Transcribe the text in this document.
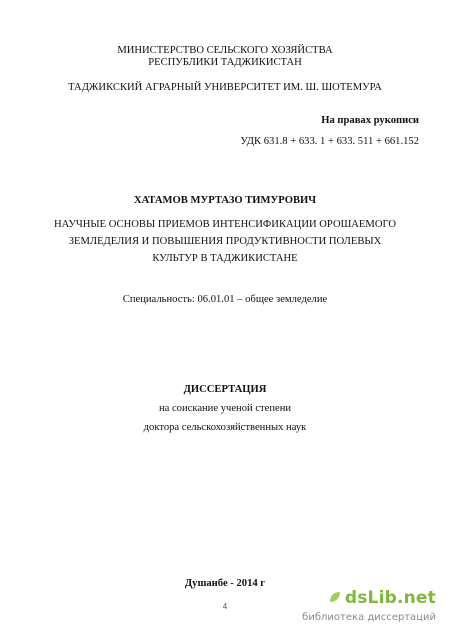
МИНИСТЕРСТВО СЕЛЬСКОГО ХОЗЯЙСТВА
РЕСПУБЛИКИ ТАДЖИКИСТАН
ТАДЖИКСКИЙ АГРАРНЫЙ УНИВЕРСИТЕТ ИМ. Ш. ШОТЕМУРА
На правах рукописи
УДК 631.8 + 633. 1 + 633. 511 + 661.152
ХАТАМОВ МУРТАЗО ТИМУРОВИЧ
НАУЧНЫЕ ОСНОВЫ ПРИЕМОВ ИНТЕНСИФИКАЦИИ ОРОШАЕМОГО
ЗЕМЛЕДЕЛИЯ И ПОВЫШЕНИЯ ПРОДУКТИВНОСТИ ПОЛЕВЫХ
КУЛЬТУР В ТАДЖИКИСТАНЕ
Специальность: 06.01.01 – общее земледелие
ДИССЕРТАЦИЯ
на соискание ученой степени
доктора сельскохозяйственных наук
Душанбе - 2014 г
4	dsLib.net
библиотека диссертаций
